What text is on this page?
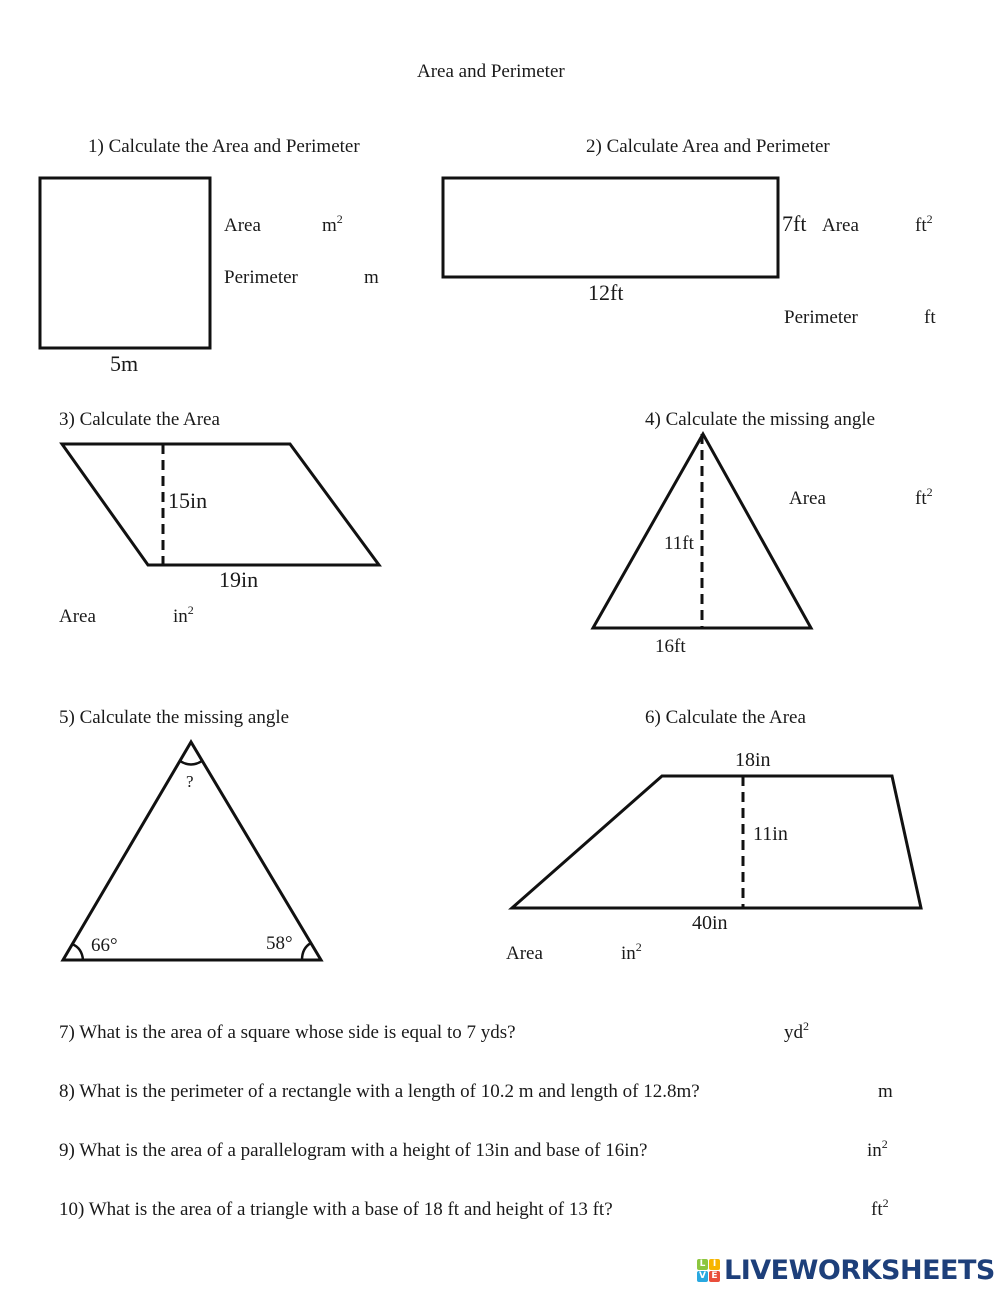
Area and Perimeter
1) Calculate the Area and Perimeter
5m
Area	$m^2$
Perimeter	m
2) Calculate Area and Perimeter
12ft
7ft Area	$ft^2$
Perimeter	ft
3) Calculate the Area
15in
19in
Area	$in^2$
4) Calculate the missing angle
11ft
16ft
Area	$ft^2$
5) Calculate the missing angle
?
66°	58°
6) Calculate the Area
18in
11in
40in
Area	$in^2$
7) What is the area of a square whose side is equal to 7 yds?	$yd^2$
8) What is the perimeter of a rectangle with a length of 10.2 m and length of 12.8m?	m
9) What is the area of a parallelogram with a height of 13in and base of 16in?	$in^2$
10) What is the area of a triangle with a base of 18 ft and height of 13 ft?	$ft^2$
L I
V E LIVEWORKSHEETS
